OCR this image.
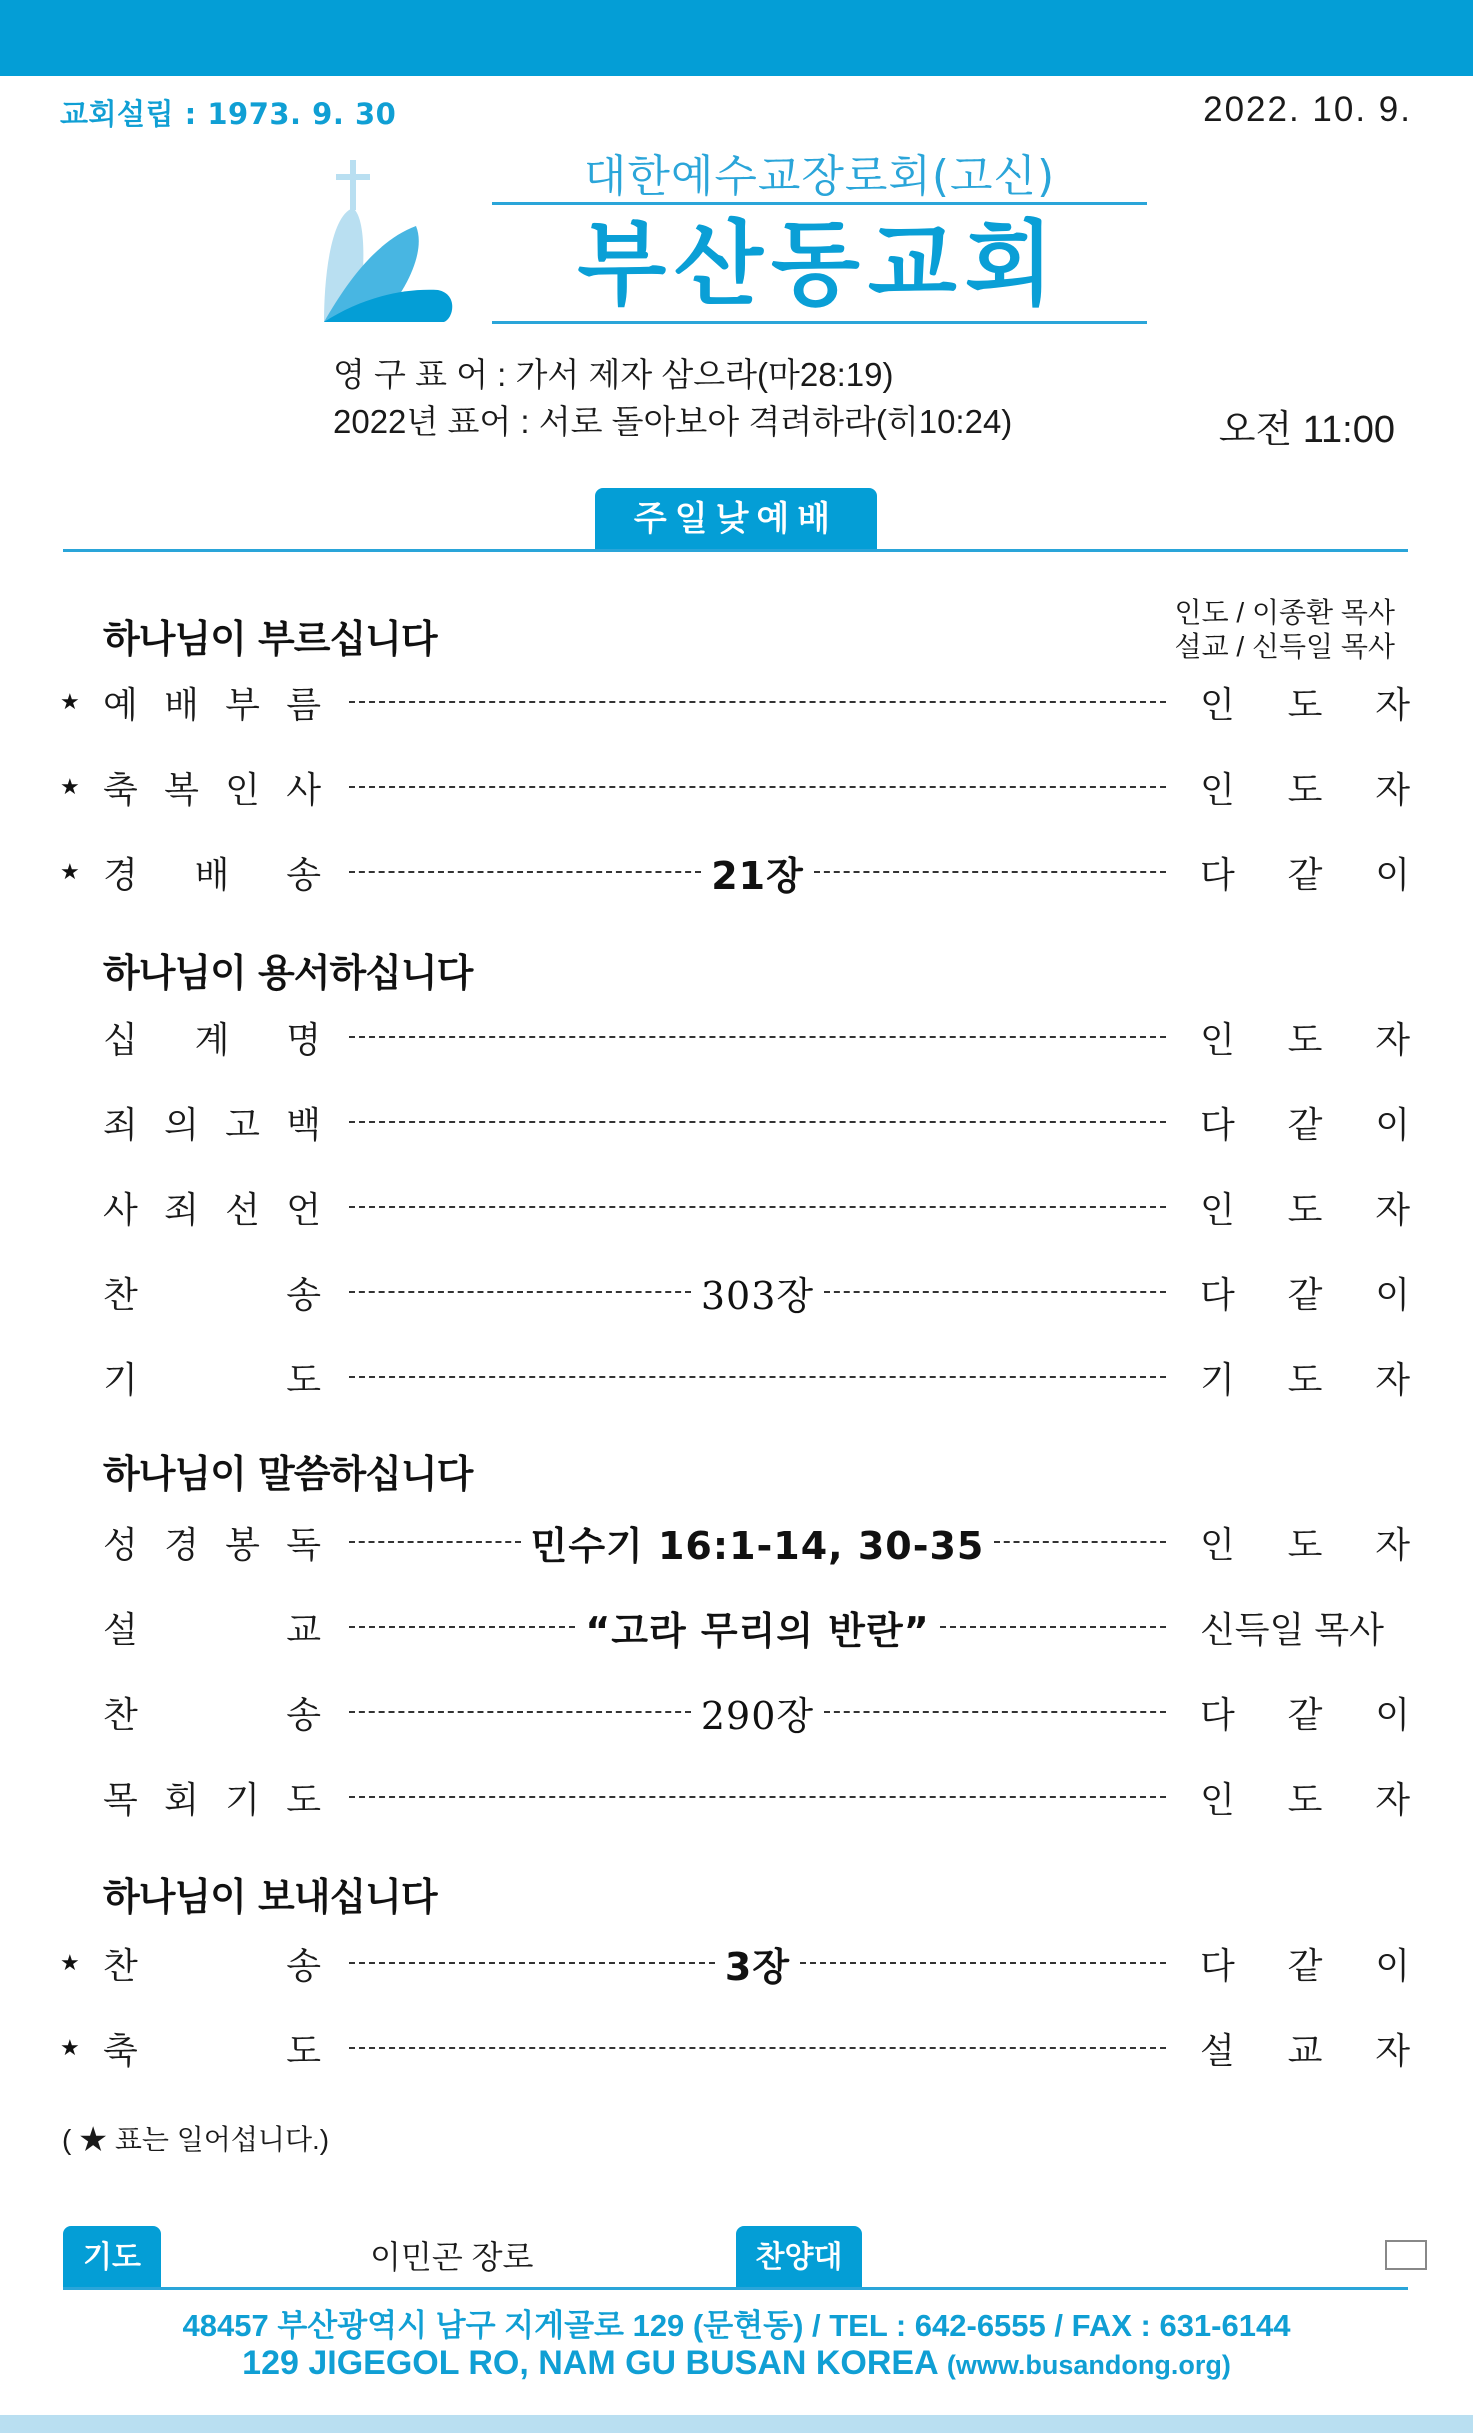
교회설립 : 1973. 9. 30	2022. 10. 9.
대한예수교장로회(고신)
부산동교회
영 구 표 어 : 가서 제자 삼으라(마28:19)
2022년 표어 : 서로 돌아보아 격려하라(히10:24)	오전 11:00
주일낮예배
인도 / 이종환 목사
설교 / 신득일 목사
하나님이 부르십니다
★ 예 배 부 름	인 도 자
★ 축 복 인 사	인 도 자
★ 경 배 송	21장	다 같 이
하나님이 용서하십니다
십 계 명	인 도 자
죄 의 고 백	다 같 이
사 죄 선 언	인 도 자
찬	송	303장	다 같 이
기	도	기 도 자
하나님이 말씀하십니다
성 경 봉 독	민수기 16:1-14, 30-35	인 도 자
설	교	“고라 무리의 반란”	신득일 목사
찬	송	290장	다 같 이
목 회 기 도	인 도 자
하나님이 보내십니다
★ 찬	송	3장	다 같 이
★ 축	도	설 교 자
( ★ 표는 일어섭니다.)
기도	이민곤 장로	찬양대
48457 부산광역시 남구 지게골로 129 (문현동) / TEL : 642-6555 / FAX : 631-6144
129 JIGEGOL RO, NAM GU BUSAN KOREA (www.busandong.org)
